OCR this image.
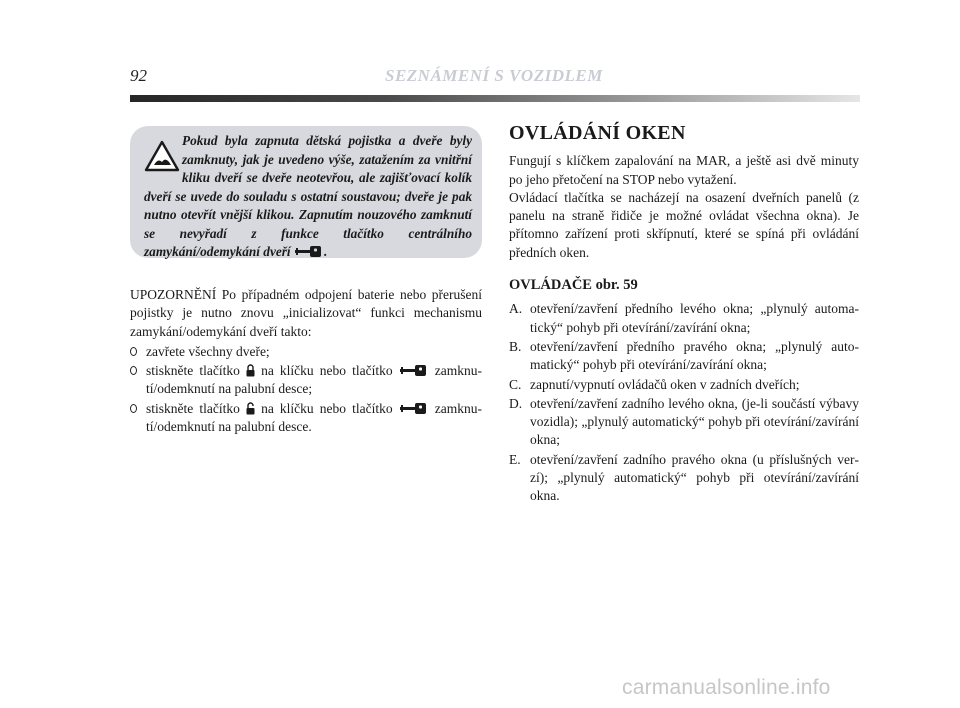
92	SEZNÁMENÍ S VOZIDLEM

Pokud byla zapnuta dětská pojistka a dveře byly zamknuty, jak je uvedeno výše, zatažením za vnitřní kliku dveří se dveře neotevřou, ale zajišťovací kolík dveří se uvede do souladu s ostatní soustavou; dveře je pak nutno otevřít vnější klikou. Zapnutím nouzového zamknutí se nevyřadí z funkce tlačítko centrálního zamykání/odemykání dveří	.

UPOZORNĚNÍ Po případném odpojení baterie nebo přerušení pojistky je nutno znovu „inicializovat“ funkci mechanismu zamykání/odemykání dveří takto:

zavřete všechny dveře;
stiskněte tlačítko na klíčku nebo tlačítko	zamknutí/odemknutí na palubní desce;
stiskněte tlačítko na klíčku nebo tlačítko	zamknutí/odemknutí na palubní desce.
OVLÁDÁNÍ OKEN

Fungují s klíčkem zapalování na MAR, a ještě asi dvě minuty po jeho přetočení na STOP nebo vytažení.

Ovládací tlačítka se nacházejí na osazení dveřních panelů (z panelu na straně řidiče je možné ovládat všechna okna). Je přítomno zařízení proti skřípnutí, které se spíná při ovládání předních oken.

OVLÁDAČE obr. 59
A. otevření/zavření předního levého okna; „plynulý automatický“ pohyb při otevírání/zavírání okna;
B. otevření/zavření předního pravého okna; „plynulý automatický“ pohyb při otevírání/zavírání okna;
C. zapnutí/vypnutí ovládačů oken v zadních dveřích;
D. otevření/zavření zadního levého okna, (je-li součástí výbavy vozidla); „plynulý automatický“ pohyb při otevírání/zavírání okna;
E. otevření/zavření zadního pravého okna (u příslušných verzí); „plynulý automatický“ pohyb při otevírání/zavírání okna.
carmanualsonline.info
